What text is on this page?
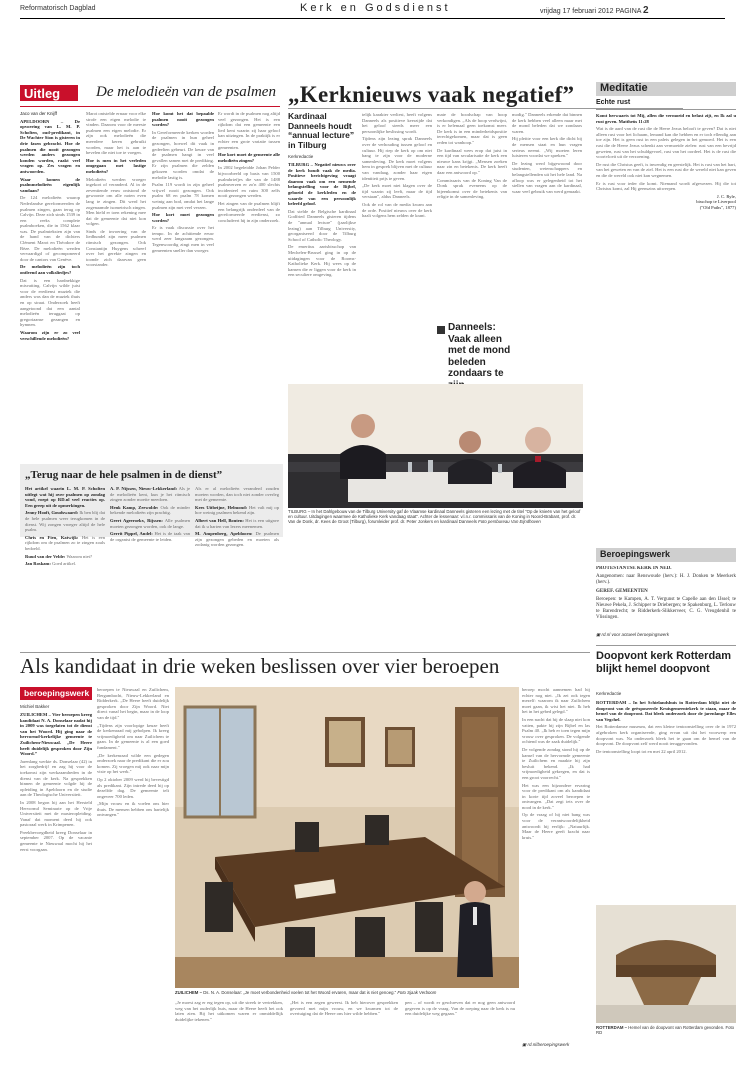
Reformatorisch Dagblad	Kerk en Godsdienst	vrijdag 17 februari 2012 PAGINA 2
Uitleg De melodieën van de psalmen

Jaco van der Knijff

APELDOORN – De opvoering van L. M. P. Scholten, oud-predikant, in De Wachter Sion is gisteren in drie fasen gebracht. Hoe de psalmen die nooit gezongen werden anders gezongen konden worden, raakt veel vragen op. Zes vragen en antwoorden.

Waar komen de psalmmelodieën eigenlijk vandaan?

De 124 melodieën waarop Nederlandse gereformeerden de psalmen zingen, gaan terug op Calvijn. Deze zich sinds 1539 in een reeks complete psalmboeken, die in 1562 klaar was. De psalmteksten zijn van de hand van de dichters Clément Marot en Théodore de Bèze. De melodieën werden vervaardigd of gecomponeerd door de cantors van Genève.

De melodieën zijn toch ontleend aan volksliedjes?

Dat is een hardnekkige misvatting. Calvijn wilde juist voor de eredienst muziek die anders was dan de muziek thuis en op straat. Onderzoek heeft aangetoond dat een aantal melodieën teruggaat op gregoriaanse gezangen en hymnen.

Waarom zijn er zo veel verschillende melodieën?

Marot ontstelde ernaar voor elke strofe een eigen melodie te vinden. Daarom voor de meeste psalmen een eigen melodie. Er zijn ook melodieën die meerdere keren gebruikt worden, maar het is aan te bevelen die niet toe te voegen.

Hoe is men in het verleden omgegaan met lastige melodieën?

Melodieën werden vroeger ingekort of veranderd. Al in de zeventiende eeuw ontstond de gewoonte om alle noten even lang te zingen. Dit werd het zogenaamde isometrisch zingen. Men hield er toen rekening mee dat de gemeente dat niet kon volgen.

Sinds de invoering van de liedbundel zijn meer psalmen ritmisch gezongen. Ook Constantijn Huygens schreef over het gerekte zingen en toonde zich daarvan geen voorstander.

Hoe komt het dat bepaalde psalmen nooit gezongen worden?

In Gereformeerde kerken worden de psalmen in hun geheel gezongen, hoewel dit vaak in gedeelten gebeurt. De keuze van de psalmen hangt in veel gevallen samen met de prediking. Er zijn psalmen die zelden gekozen worden omdat de melodie lastig is.

Psalm 119 wordt in zijn geheel vrijwel nooit gezongen. Ook psalm 68 en psalm 78 komen weinig aan bod, omdat het lange psalmen zijn met veel verzen.

Hoe kort moet gezongen worden?

Er is vaak discussie over het tempo. In de achttiende eeuw werd zeer langzaam gezongen. Tegenwoordig zingt men in veel gemeenten sneller dan vroeger.

Er wordt in de psalmen nog altijd veel gezongen. Het is een rijkdom dat een gemeente een lied kent waarin zij haar geloof kan uitzingen. In de praktijk is er echter een grote variatie tussen gemeenten.

Hoe kort moet de gemeente alle melodieën zingen?

In 2002 begeleidde Johan Pelder bijvoorbeeld op basis van 1500 psalmbriefjes die van de 1488 psalmverzen er zo'n 400 slechts incidenteel en ruim 300 zelfs nooit gezongen werden.

Het zingen van de psalmen blijft een belangrijk onderdeel van de gereformeerde eredienst, zo concludeert hij in zijn onderzoek.

„Kerknieuws vaak negatief”
Kardinaal Danneels houdt “annual lecture” in Tilburg
Kerkredactie

TILBURG – Negatief nieuws over de kerk houdt vaak de media. Positieve berichtgeving vraagt daarom vaak om een nemende belangstelling voor de Bijbel, geboeid de kerkleden en de waarde van een persoonlijk beleefd geloof.

Dat stelde de Belgische kardinaal Godfried Danneels gisteren tijdens de "annual lecture" (jaarlijkse lezing) aan Tilburg University, georganiseerd door de Tilburg School of Catholic Theology.

De emeritus aartsbisschop van Mechelen-Brussel ging in op de uitdagingen voor de Rooms-Katholieke Kerk. Hij wees op de kansen die er liggen voor de kerk in een seculiere omgeving.

telijk karakter verliest, heeft volgens Danneels als positieve keerzijde dat het geloof steeds meer een persoonlijke beslissing wordt.

Tijdens zijn lezing sprak Danneels over de verhouding tussen geloof en cultuur. Hij riep de kerk op om niet bang te zijn voor de moderne samenleving. De kerk moet volgens hem in gesprek blijven met de cultuur van vandaag, zonder haar eigen identiteit prijs te geven.

„De kerk moet niet klagen over de tijd waarin zij leeft, maar de tijd verstaan", aldus Danneels.

Ook de rol van de media kwam aan de orde. Positief nieuws over de kerk haalt volgens hem zelden de krant.

mate de boodschap van hoop verkondigen. „Als de hoop verdwijnt, is er helemaal geen toekomst meer. De kerk is in een minderheidspositie terechtgekomen, maar dat is geen reden tot wanhoop."

De kardinaal wees erop dat juist in een tijd van secularisatie de kerk een nieuwe kans krijgt. „Mensen zoeken naar zin en betekenis. De kerk heeft daar een antwoord op."

Commissaris van de Koning Van de Donk sprak eveneens op de bijeenkomst over de betekenis van religie in de samenleving.

modig." Danneels erkende dat binnen de kerk hebben veel alleen maar met de mond beleden dat we zondaars waren.

Hij pleitte voor een kerk die dicht bij de mensen staat en hun vragen serieus neemt. „Wij moeten leren luisteren voordat we spreken."

De lezing werd bijgewoond door studenten, wetenschappers en belangstellenden uit het hele land. Na afloop was er gelegenheid tot het stellen van vragen aan de kardinaal, waar veel gebruik van werd gemaakt.

Danneels:
Vaak alleen met de mond beleden zondaars te
Meditatie
Echte rust

Komt herwaarts tot Mij, allen die vermoeid en belast zijt, en Ik zal u rust geven. Mattheüs 11:28

Wat is de aard van de rust die de Heere Jezus belooft te geven? Dat is niet alleen rust voor het lichaam, lemand kan die hebben en er toch ellendig aan toe zijn. Het is geen rust in een paleis gelegen in het gemoed. Het is een rust die de Heere Jezus schenkt aan vermoeide zielen: rust van een bevrijd geweten, rust van het schuldgevoel, rust van het oordeel. Het is de rust die voortvloeit uit de verzoening.

De rust die Christus geeft, is inwendig en geestelijk. Het is rust van het hart, van het geweten en van de ziel. Het is een rust die de wereld niet kan geven en die de wereld ook niet kan wegnemen.

Er is rust voor ieder die komt. Niemand wordt afgewezen. Hij die tot Christus komt, zal Hij geenszins uitwerpen.

J. C. Ryle,
bisschop te Liverpool
("Old Paths", 1877)

TILBURG – In het Dahlgebouw van de Tilburg University gaf de Vlaamse kardinaal Danneels gisteren een lezing met de titel “Op de knieën van het geloof en cultuur. Uitdagingen waarmee de Katholieke Kerk vandaag staat”. Achter de lessenaar: v.l.n.r. commissaris van de Koning in Noord-Brabant, prof. dr. Van de Donk, dr. Kees de Groot (Tilburg), forumleider prof. dr. Peter Jonkers en kardinaal Danneels Foto persbureau Van Eijndhoven
„Terug naar de hele psalmen in de dienst”

Het artikel waarin L. M. P. Scholten uitlegt wat hij over psalmen op zondag vond, roept op RD.nl veel reacties op. Een greep uit de opmerkingen.

Jenny Hooft, Goudswaard: Ik ben blij dat de hele psalmen weer terugkomen in de dienst. Wij zongen vroeger altijd de hele psalm.

Chris en Fien, Katwijk: Het is een rijkdom om de psalmen zo te zingen zoals bedoeld.

Ruud van der Velde: Waarom niet?

Jan Roskam: Goed artikel.

A. P. Nijssen, Nieuw-Lekkerland: Als je de melodieën kent, kun je het ritmisch zingen zonder moeite meedoen.

Henk Kamp, Zeewolde: Ook de minder bekende melodieën zijn prachtig.

Geert Ageeroekx, Rijssen: Alle psalmen moeten gezongen worden, ook de lange.

Gerrit Pippel, Andel: Het is de taak van de organist de gemeente te leiden.

Als er al melodieën veranderd zouden moeten worden, dan toch niet zonder overleg met de gemeente.

Kees Uitbeijne, Helmond: Het valt mij op hoe weinig psalmen bekend zijn.

Albert van Hell, Bouten: Het is een uitgave dat ik u harten van lezers meenemen.

M. Ampenberg, Apeldoorn: De psalmen zijn gezongen gebeden en moeten als zodanig worden gezongen.

Beroepingswerk

PROTESTANTSE KERK IN NED.

Aangenomen: naar Renswoude (herv.): H. J. Donken te Meerkerk (herv.).

GEREF. GEMEENTEN

Beroepen: te Kampen, A. T. Vergunst te Capelle aan den IJssel; te Nieuwe Pekela, J. Schipper te Driebergen; te Spakenburg, L. Terlouw te Barendrecht; te Ridderkerk-Slikkerveer, C. G. Vreugdenhil te Vlissingen.

▣ rd.nl voor actueel beroepingswerk
Doopvont kerk Rotterdam blijkt hemel doopvont
Kerkredactie

ROTTERDAM – In het Schielandshuis in Rotterdam blijkt niet de doopvont van de geëxposeerde Kruisgemeentekerk te staan, maar de hemel van de doopvont. Dat bleek onderzoek door de jarenlange Elles van Vegchel.

Het Rotterdamse museum, dat een kleine tentoonstelling over de in 1972 afgebroken kerk organiseerde, ging ervan uit dat het voorwerp een doopvont was. Na onderzoek bleek het te gaan om de hemel van de doopvont. De doopvont zelf werd nooit teruggevonden.

De tentoonstelling loopt tot en met 22 april 2012.

ROTTERDAM – Hemel van de doopvont van Rotterdam gevonden. Foto RD
Als kandidaat in drie weken beslissen over vier beroepen
beroepingswerk
Michiel Bakker

ZUILICHEM – Vier beroepen kreeg kandidaat N. A. Donselaar nadat hij in 2009 was toegelaten tot de dienst van het Woord. Hij ging naar de hervormd-kerkelijke gemeente te Zuilichem-Nieuwaal. „De Heere heeft duidelijk gesproken door Zijn Woord.”

Jarenlang werkte ds. Donselaar (42) in het zorgbedrijf en zag hij voor de toekomst zijn werkzaamheden in de dienst van de kerk. Na gesprekken binnen de gemeente volgde hij de opleiding in Apeldoorn en de studie aan de Theologische Universiteit.

In 2008 begon hij aan het Hersteld Hervormd Seminarie op de Vrije Universiteit met de masteropleiding. Vanaf dat moment deed hij ook pastoraal werk in Krimpenen.

Preekbevoegdheid kreeg Donselaar in september 2007. Op de vacante gemeente te Nieuwaal mocht hij het eerst voorgaan.

beroepen te Nieuwaal en Zuilichem, Bergambacht, Nieuw-Lekkerland en Ridderkerk. „De Heere heeft duidelijk gesproken door Zijn Woord. Niet direct vanaf het begin, maar in de loop van de tijd."

„Tijdens zijn voorlopige keuze heeft de kerkenraad mij geholpen. Ik kreeg vrijmoedigheid om naar Zuilichem te gaan. In de gemeente is al een goed fundament."

„De kerkenraad wilde een gedegen onderzoek naar de predikant die er zou komen. Zij vroegen mij ook naar mijn visie op het werk."

Op 2 oktober 2009 werd hij bevestigd als predikant. Zijn intrede deed hij op dezelfde dag. De gemeente telt ongeveer 700 leden.

„Mijn vrouw en ik voelen ons hier thuis. De mensen hebben ons hartelijk ontvangen."

ZUILICHEM – Ds. N. A. Donselaar: „Je moet verbondenheid voelen tot het Woord ervaren, maar dat is niet genoeg.” Foto Sjaak Verboom

„Je moest zag er erg tegen op, uit die streek te vertrekken, weg van het ouderlijk huis, maar de Heere heeft het ook laten zien. Bij het uitkomen waren er onmiddellijk duidelijke tekenen."

„Het is een zegen geweest. Ik heb hierover gesprekken gevoerd met mijn vrouw, en we kwamen tot de overtuiging dat de Heere ons hier wilde hebben."

pen – of wordt er geschreven dat er nog geen antwoord gegeven is op de vraag. Van de roeping naar de kerk is nu een duidelijke weg gegaan."

beroep mocht aannemen had hij echter nog niet. „Ik zei ook tegen mezelf: waarom ik naar Zuilichem moet gaan, ik wist het niet. Ik heb het in het gebed gelegd."

In een nacht dat hij de slaap niet kon vatten, pakte hij zijn Bijbel en las Psalm 40. „Ik heb er toen tegen mijn vrouw over gesproken. De volgende ochtend was de zaak duidelijk."

De volgende zondag stond hij op de kansel van de hervormde gemeente te Zuilichem en maakte hij zijn besluit bekend. „Ik had vrijmoedigheid gekregen, en dat is een groot voorrecht."

Het was een bijzondere ervaring voor de predikant om als kandidaat in korte tijd zoveel beroepen te ontvangen. „Dat zegt iets over de nood in de kerk."

Op de vraag of hij niet bang was voor de verantwoordelijkheid antwoordt hij eerlijk: „Natuurlijk. Maar de Heere geeft kracht naar kruis."

▣ rd.nl/beroepingswerk
